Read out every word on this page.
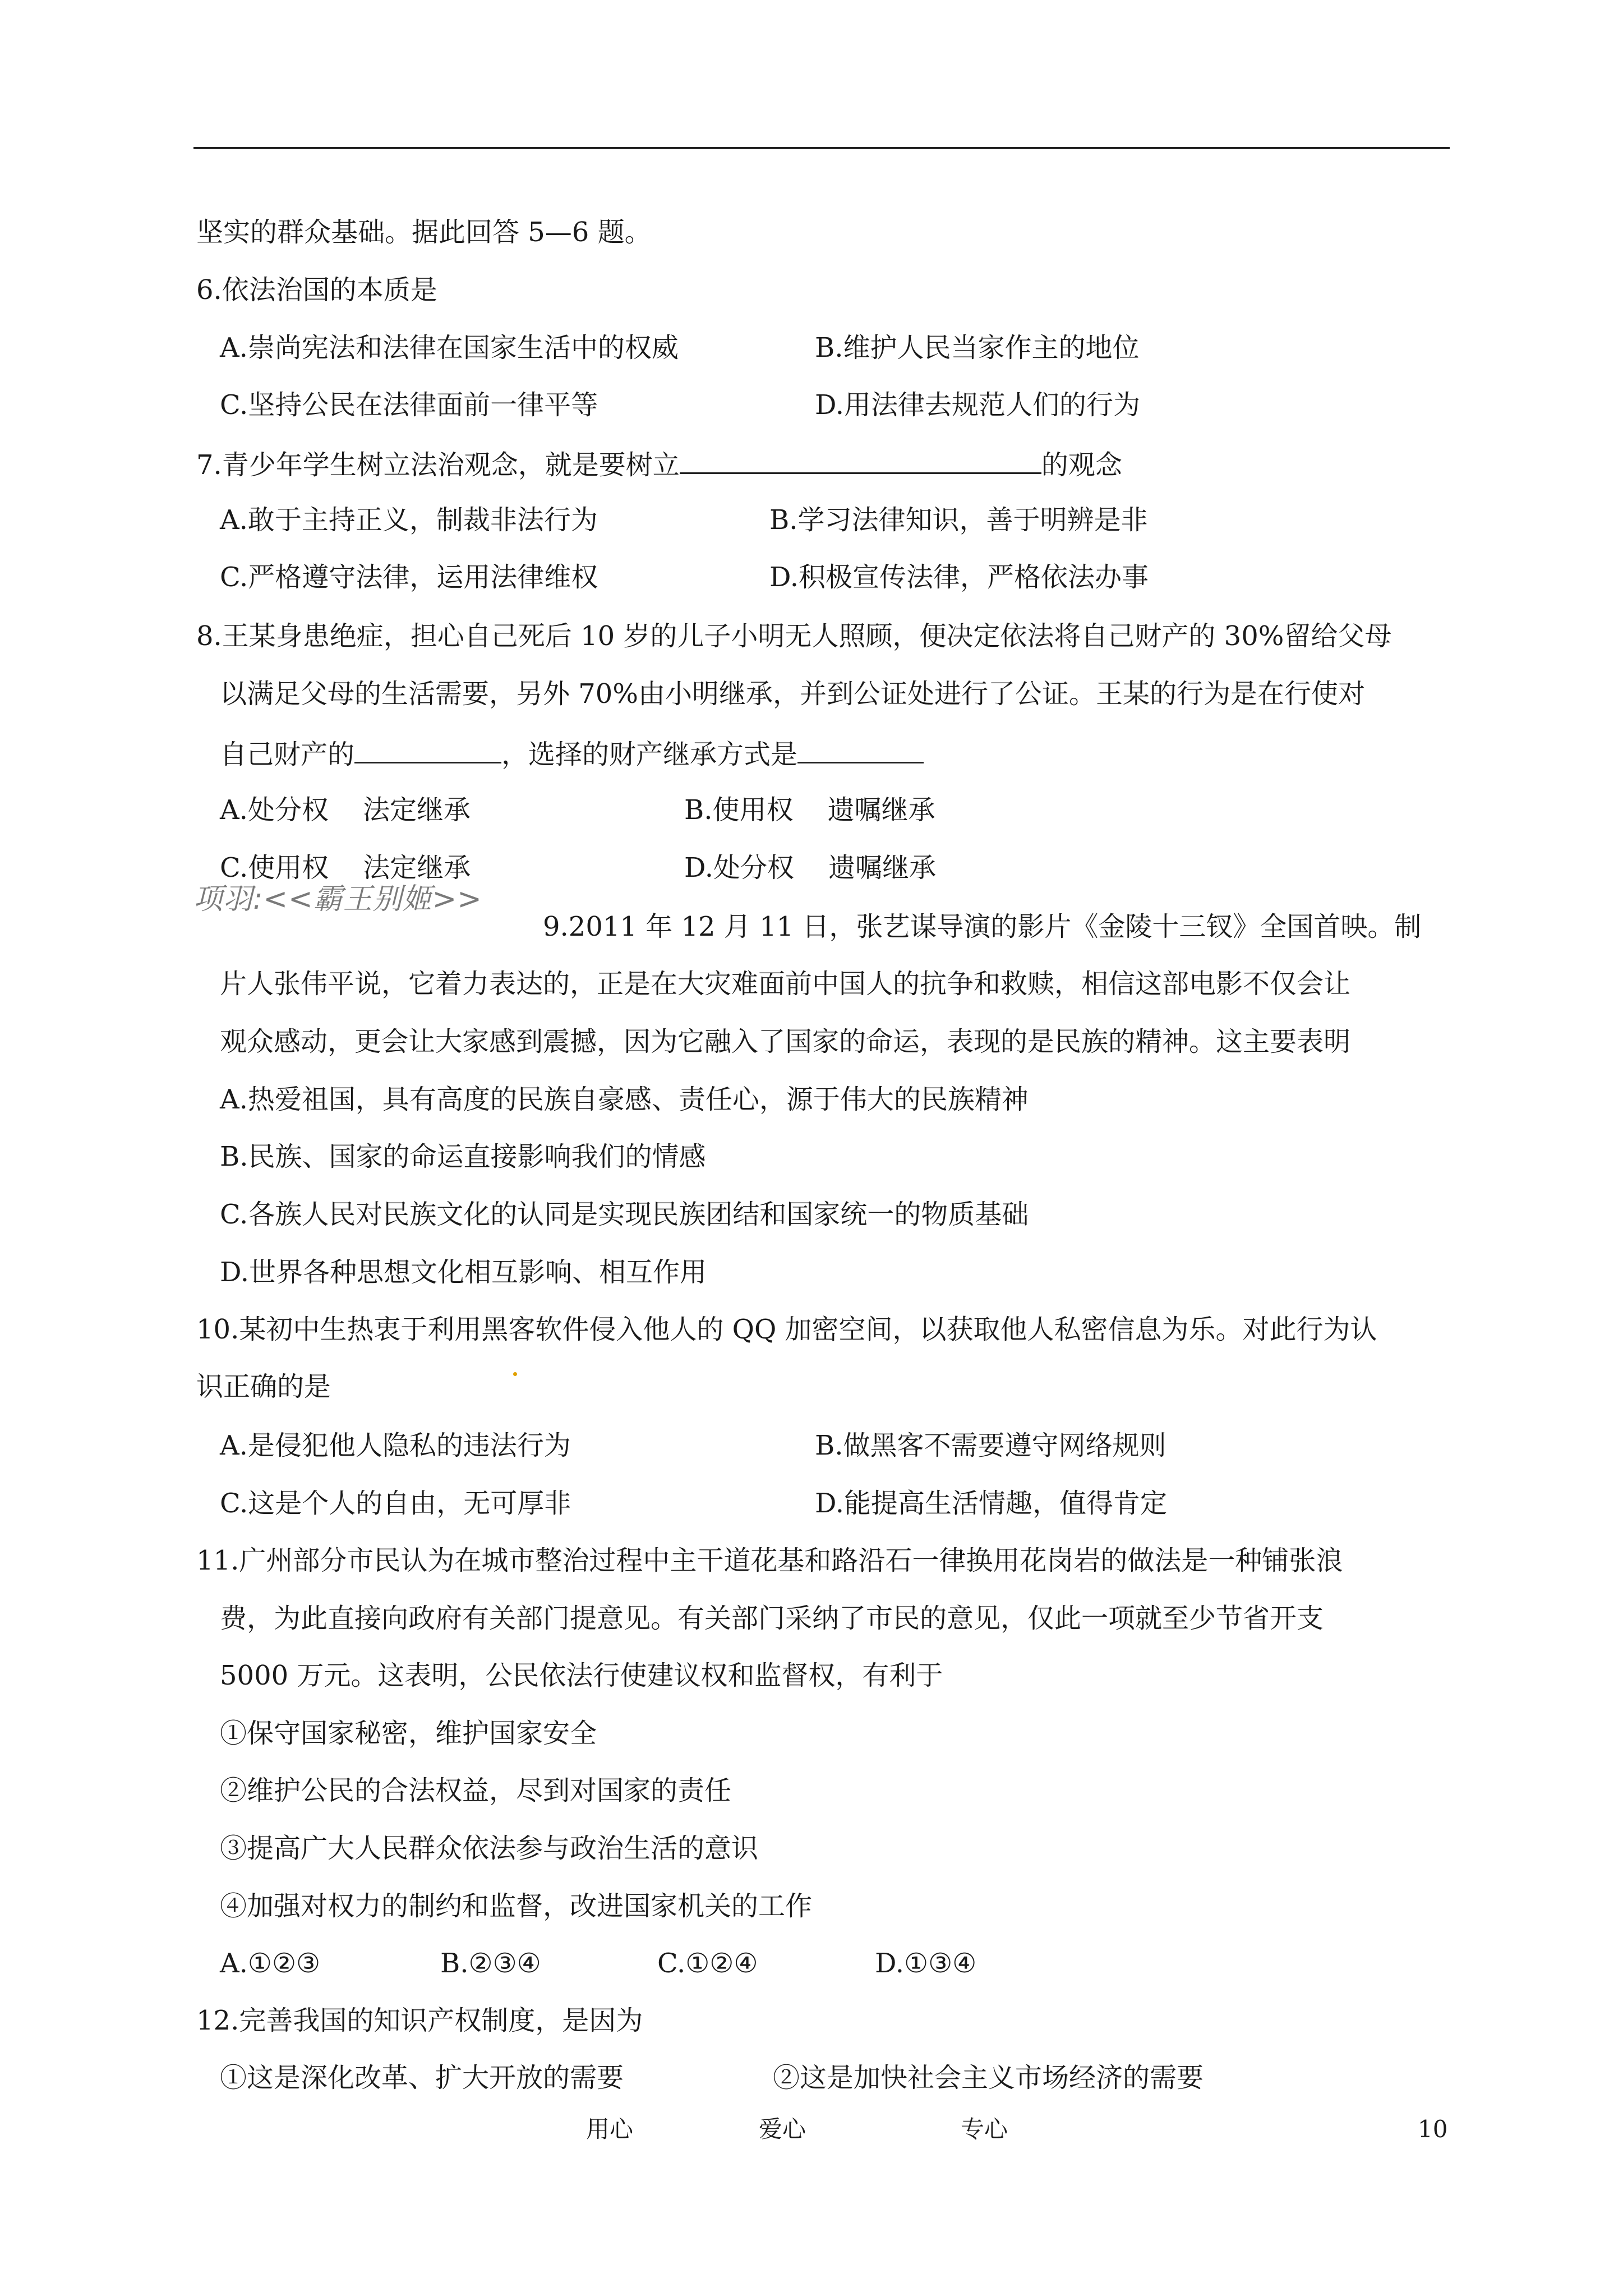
坚实的群众基础。据此回答 5—6 题。
6.依法治国的本质是
A.崇尚宪法和法律在国家生活中的权威	B.维护人民当家作主的地位
C.坚持公民在法律面前一律平等	D.用法律去规范人们的行为
7.青少年学生树立法治观念，就是要树立	的观念
A.敢于主持正义，制裁非法行为	B.学习法律知识，善于明辨是非
C.严格遵守法律，运用法律维权	D.积极宣传法律，严格依法办事
8.王某身患绝症，担心自己死后 10 岁的儿子小明无人照顾，便决定依法将自己财产的 30%留给父母
以满足父母的生活需要，另外 70%由小明继承，并到公证处进行了公证。王某的行为是在行使对
自己财产的	，选择的财产继承方式是
A.处分权    法定继承	B.使用权    遗嘱继承
C.使用权    法定继承	D.处分权    遗嘱继承
项羽:<<霸王别姬>>
9.2011 年 12 月 11 日，张艺谋导演的影片《金陵十三钗》全国首映。制
片人张伟平说，它着力表达的，正是在大灾难面前中国人的抗争和救赎，相信这部电影不仅会让
观众感动，更会让大家感到震撼，因为它融入了国家的命运，表现的是民族的精神。这主要表明
A.热爱祖国，具有高度的民族自豪感、责任心，源于伟大的民族精神
B.民族、国家的命运直接影响我们的情感
C.各族人民对民族文化的认同是实现民族团结和国家统一的物质基础
D.世界各种思想文化相互影响、相互作用
10.某初中生热衷于利用黑客软件侵入他人的 QQ 加密空间，以获取他人私密信息为乐。对此行为认
识正确的是
A.是侵犯他人隐私的违法行为	B.做黑客不需要遵守网络规则
C.这是个人的自由，无可厚非	D.能提高生活情趣，值得肯定
11.广州部分市民认为在城市整治过程中主干道花基和路沿石一律换用花岗岩的做法是一种铺张浪
费，为此直接向政府有关部门提意见。有关部门采纳了市民的意见，仅此一项就至少节省开支
5000 万元。这表明，公民依法行使建议权和监督权，有利于
①保守国家秘密，维护国家安全
②维护公民的合法权益，尽到对国家的责任
③提高广大人民群众依法参与政治生活的意识
④加强对权力的制约和监督，改进国家机关的工作
A.①②③	B.②③④	C.①②④	D.①③④
12.完善我国的知识产权制度，是因为
①这是深化改革、扩大开放的需要	②这是加快社会主义市场经济的需要
用心	爱心	专心	10
